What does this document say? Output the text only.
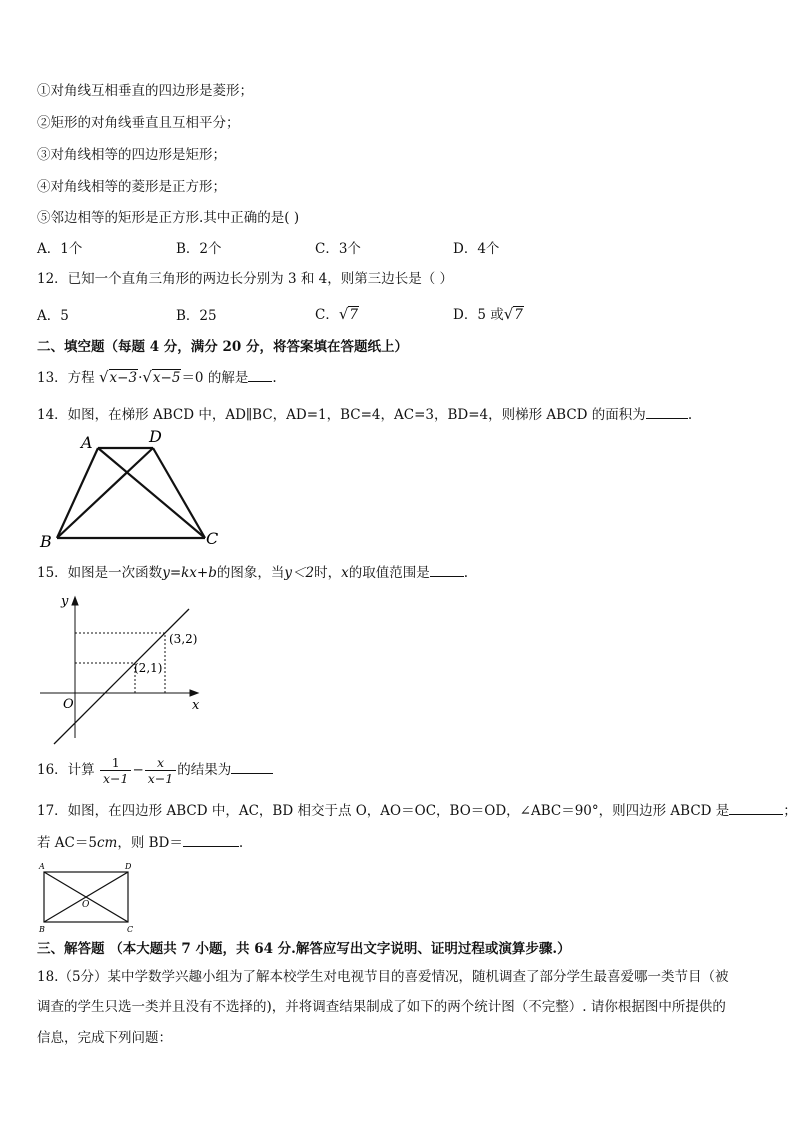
①对角线互相垂直的四边形是菱形；
②矩形的对角线垂直且互相平分；
③对角线相等的四边形是矩形；
④对角线相等的菱形是正方形；
⑤邻边相等的矩形是正方形.其中正确的是( )
A．1个	B．2个	C．3个	D．4个
12．已知一个直角三角形的两边长分别为 3 和 4，则第三边长是（ ）
A．5	B．25	C．√7	D．5 或√7
二、填空题（每题 4 分，满分 20 分，将答案填在答题纸上）
13．方程 √x−3·√x−5＝0 的解是 .
14．如图，在梯形 ABCD 中，AD∥BC，AD=1，BC=4，AC=3，BD=4，则梯形 ABCD 的面积为	.
A	D
B	C
15．如图是一次函数y=kx+b的图象，当y＜2时，x的取值范围是	.
y
x
O
(3,2)
(2,1)
16．计算 $\frac{1}{x-1} - \frac{x}{x-1}$ 的结果为
17．如图，在四边形 ABCD 中，AC，BD 相交于点 O，AO＝OC，BO＝OD，∠ABC＝90°，则四边形 ABCD 是	；
若 AC＝5cm，则 BD＝	.
A	D
B	C
O
三、解答题 （本大题共 7 小题，共 64 分.解答应写出文字说明、证明过程或演算步骤.）
18.（5分）某中学数学兴趣小组为了解本校学生对电视节目的喜爱情况，随机调查了部分学生最喜爱哪一类节目（被
调查的学生只选一类并且没有不选择的)，并将调查结果制成了如下的两个统计图（不完整）. 请你根据图中所提供的
信息，完成下列问题：
